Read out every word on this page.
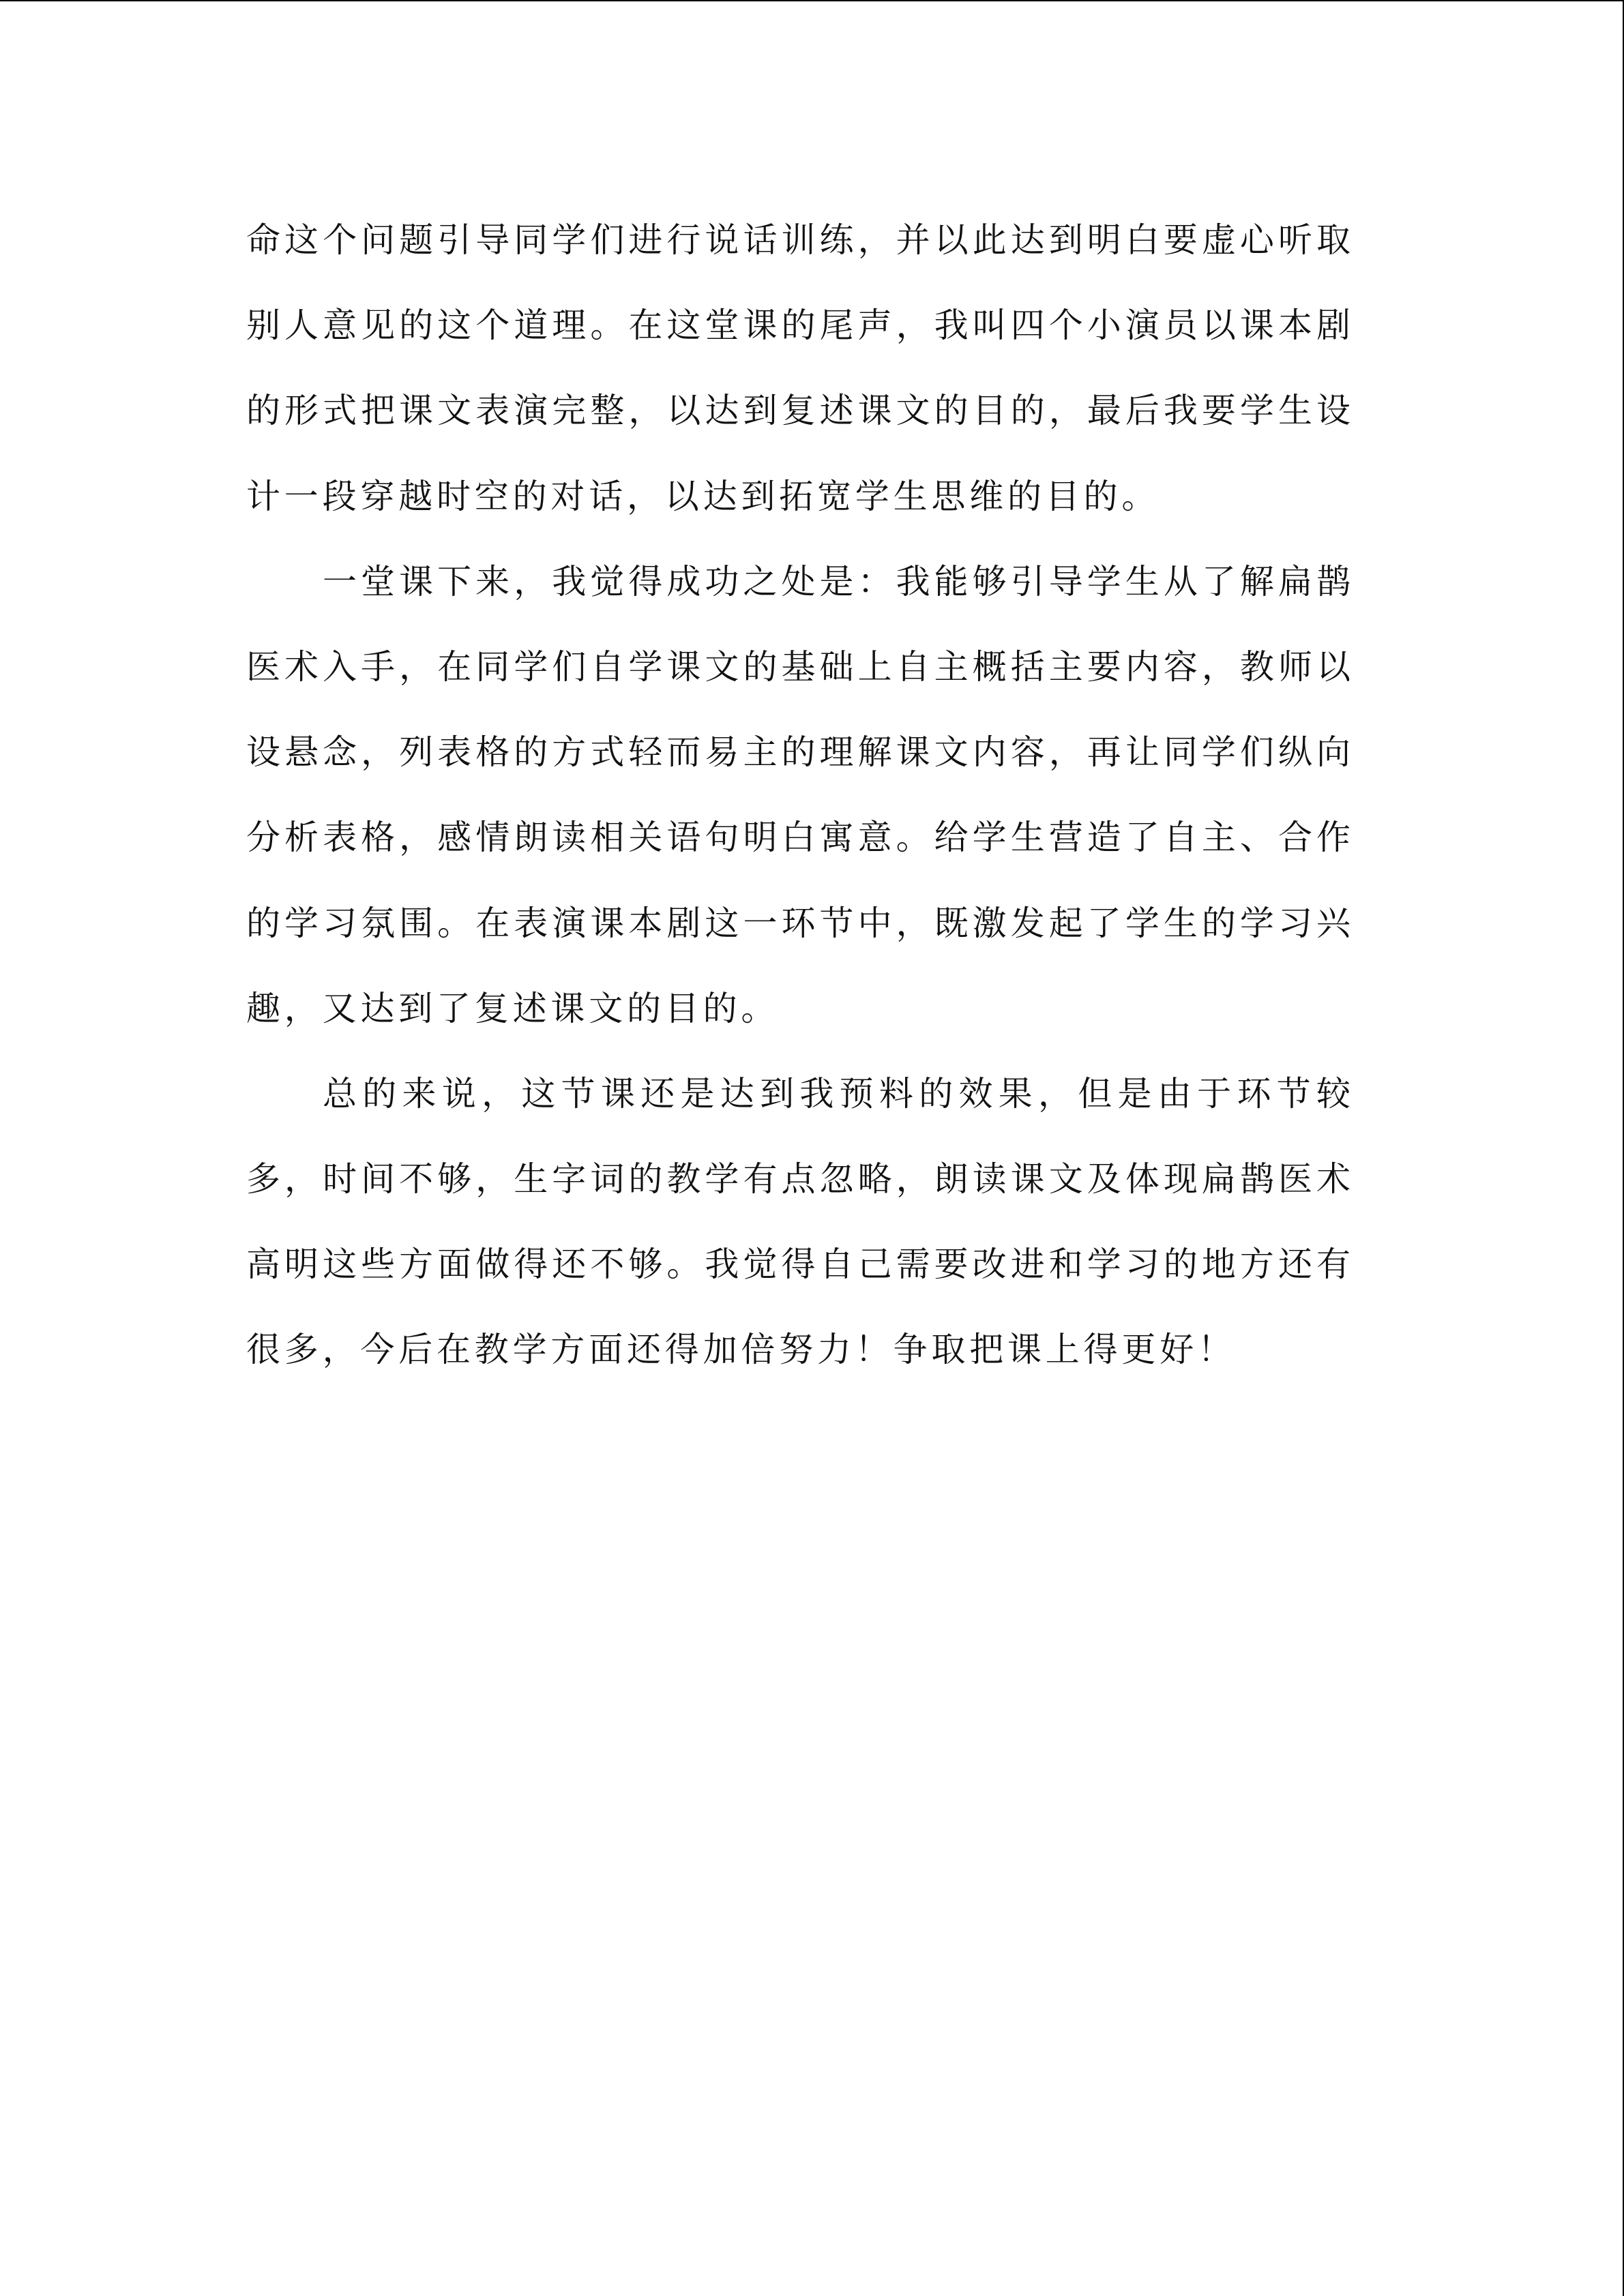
命这个问题引导同学们进行说话训练，并以此达到明白要虚心听取
别人意见的这个道理。在这堂课的尾声，我叫四个小演员以课本剧
的形式把课文表演完整，以达到复述课文的目的，最后我要学生设
计一段穿越时空的对话，以达到拓宽学生思维的目的。
一堂课下来，我觉得成功之处是：我能够引导学生从了解扁鹊
医术入手，在同学们自学课文的基础上自主概括主要内容，教师以
设悬念，列表格的方式轻而易主的理解课文内容，再让同学们纵向
分析表格，感情朗读相关语句明白寓意。给学生营造了自主、合作
的学习氛围。在表演课本剧这一环节中，既激发起了学生的学习兴
趣，又达到了复述课文的目的。
总的来说，这节课还是达到我预料的效果，但是由于环节较
多，时间不够，生字词的教学有点忽略，朗读课文及体现扁鹊医术
高明这些方面做得还不够。我觉得自己需要改进和学习的地方还有
很多，今后在教学方面还得加倍努力！争取把课上得更好！
